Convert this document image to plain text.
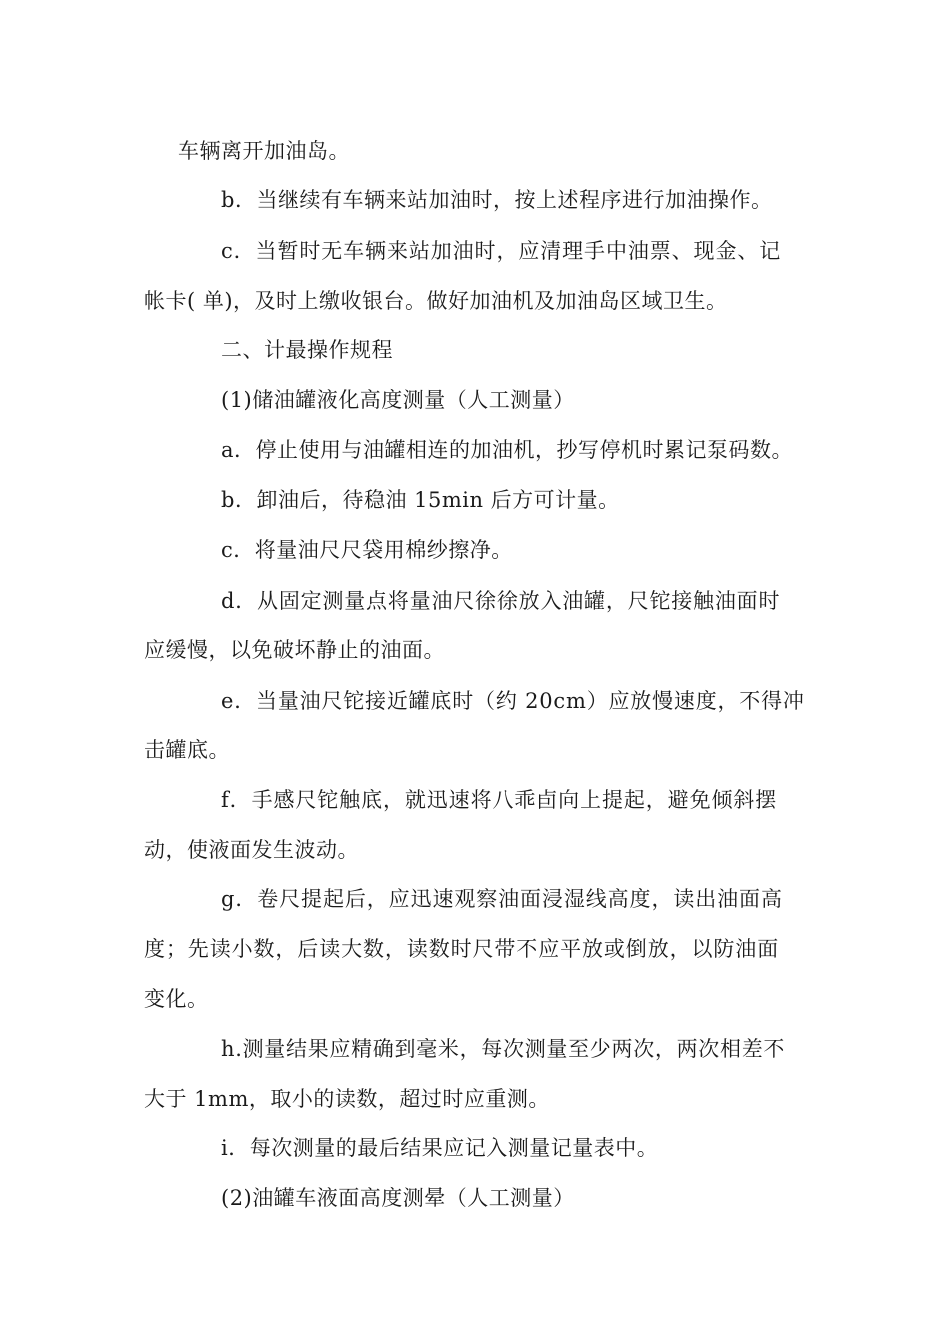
车辆离开加油岛。
b．当继续有车辆来站加油时，按上述程序进行加油操作。
c．当暂时无车辆来站加油时，应清理手中油票、现金、记
帐卡( 单)，及时上缴收银台。做好加油机及加油岛区域卫生。
二、计最操作规程
(1)储油罐液化高度测量（人工测量）
a．停止使用与油罐相连的加油机，抄写停机时累记泵码数。
b．卸油后，待稳油 15min 后方可计量。
c．将量油尺尺袋用棉纱擦净。
d．从固定测量点将量油尺徐徐放入油罐，尺铊接触油面时
应缓慢，以免破坏静止的油面。
e．当量油尺铊接近罐底时（约 20cm）应放慢速度，不得冲
击罐底。
f．手感尺铊触底，就迅速将八乖卣向上提起，避免倾斜摆
动，使液面发生波动。
g．卷尺提起后，应迅速观察油面浸湿线高度，读出油面高
度；先读小数，后读大数，读数时尺带不应平放或倒放，以防油面
变化。
h.测量结果应精确到毫米，每次测量至少两次，两次相差不
大于 1mm，取小的读数，超过时应重测。
i．每次测量的最后结果应记入测量记量表中。
(2)油罐车液面高度测晕（人工测量）
